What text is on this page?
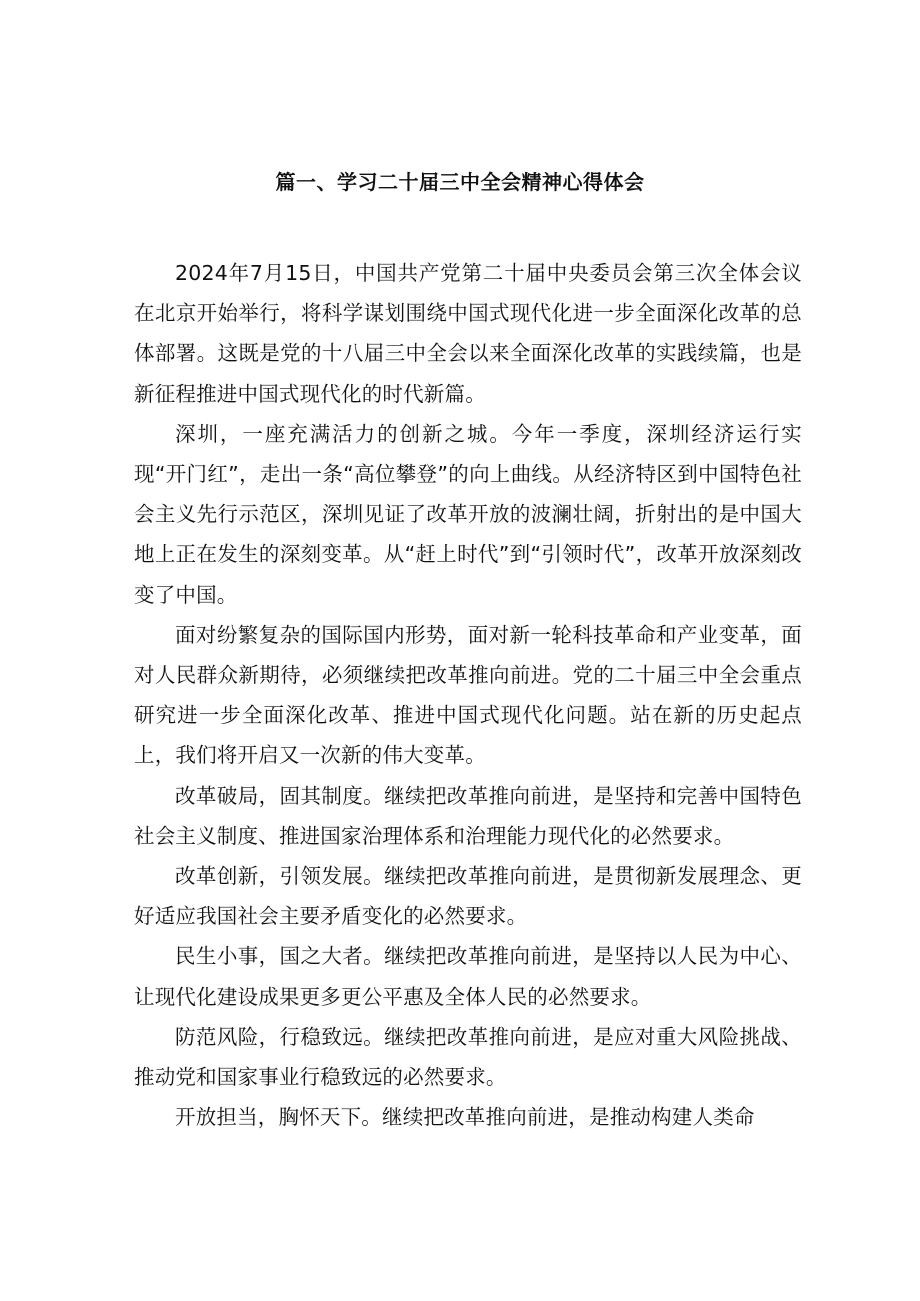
篇一、学习二十届三中全会精神心得体会

2024年7月15日，中国共产党第二十届中央委员会第三次全体会议在北京开始举行，将科学谋划围绕中国式现代化进一步全面深化改革的总体部署。这既是党的十八届三中全会以来全面深化改革的实践续篇，也是新征程推进中国式现代化的时代新篇。

深圳，一座充满活力的创新之城。今年一季度，深圳经济运行实现“开门红”，走出一条“高位攀登”的向上曲线。从经济特区到中国特色社会主义先行示范区，深圳见证了改革开放的波澜壮阔，折射出的是中国大地上正在发生的深刻变革。从“赶上时代”到“引领时代”，改革开放深刻改变了中国。

面对纷繁复杂的国际国内形势，面对新一轮科技革命和产业变革，面对人民群众新期待，必须继续把改革推向前进。党的二十届三中全会重点研究进一步全面深化改革、推进中国式现代化问题。站在新的历史起点上，我们将开启又一次新的伟大变革。

改革破局，固其制度。继续把改革推向前进，是坚持和完善中国特色社会主义制度、推进国家治理体系和治理能力现代化的必然要求。

改革创新，引领发展。继续把改革推向前进，是贯彻新发展理念、更好适应我国社会主要矛盾变化的必然要求。

民生小事，国之大者。继续把改革推向前进，是坚持以人民为中心、让现代化建设成果更多更公平惠及全体人民的必然要求。

防范风险，行稳致远。继续把改革推向前进，是应对重大风险挑战、推动党和国家事业行稳致远的必然要求。

开放担当，胸怀天下。继续把改革推向前进，是推动构建人类命
